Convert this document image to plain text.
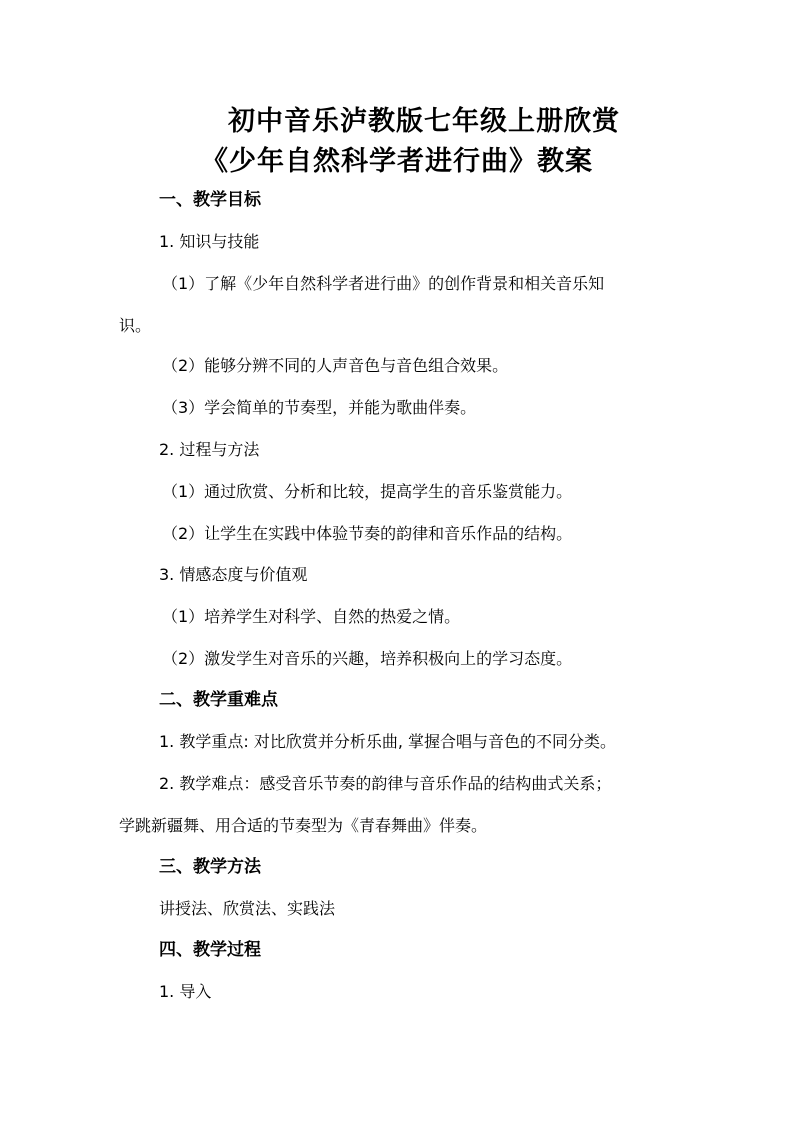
初中音乐泸教版七年级上册欣赏
《少年自然科学者进行曲》教案
一、教学目标
1. 知识与技能
（1）了解《少年自然科学者进行曲》的创作背景和相关音乐知
识。
（2）能够分辨不同的人声音色与音色组合效果。
（3）学会简单的节奏型，并能为歌曲伴奏。
2. 过程与方法
（1）通过欣赏、分析和比较，提高学生的音乐鉴赏能力。
（2）让学生在实践中体验节奏的韵律和音乐作品的结构。
3. 情感态度与价值观
（1）培养学生对科学、自然的热爱之情。
（2）激发学生对音乐的兴趣，培养积极向上的学习态度。
二、教学重难点
1. 教学重点: 对比欣赏并分析乐曲, 掌握合唱与音色的不同分类。
2. 教学难点：感受音乐节奏的韵律与音乐作品的结构曲式关系；
学跳新疆舞、用合适的节奏型为《青春舞曲》伴奏。
三、教学方法
讲授法、欣赏法、实践法
四、教学过程
1. 导入
